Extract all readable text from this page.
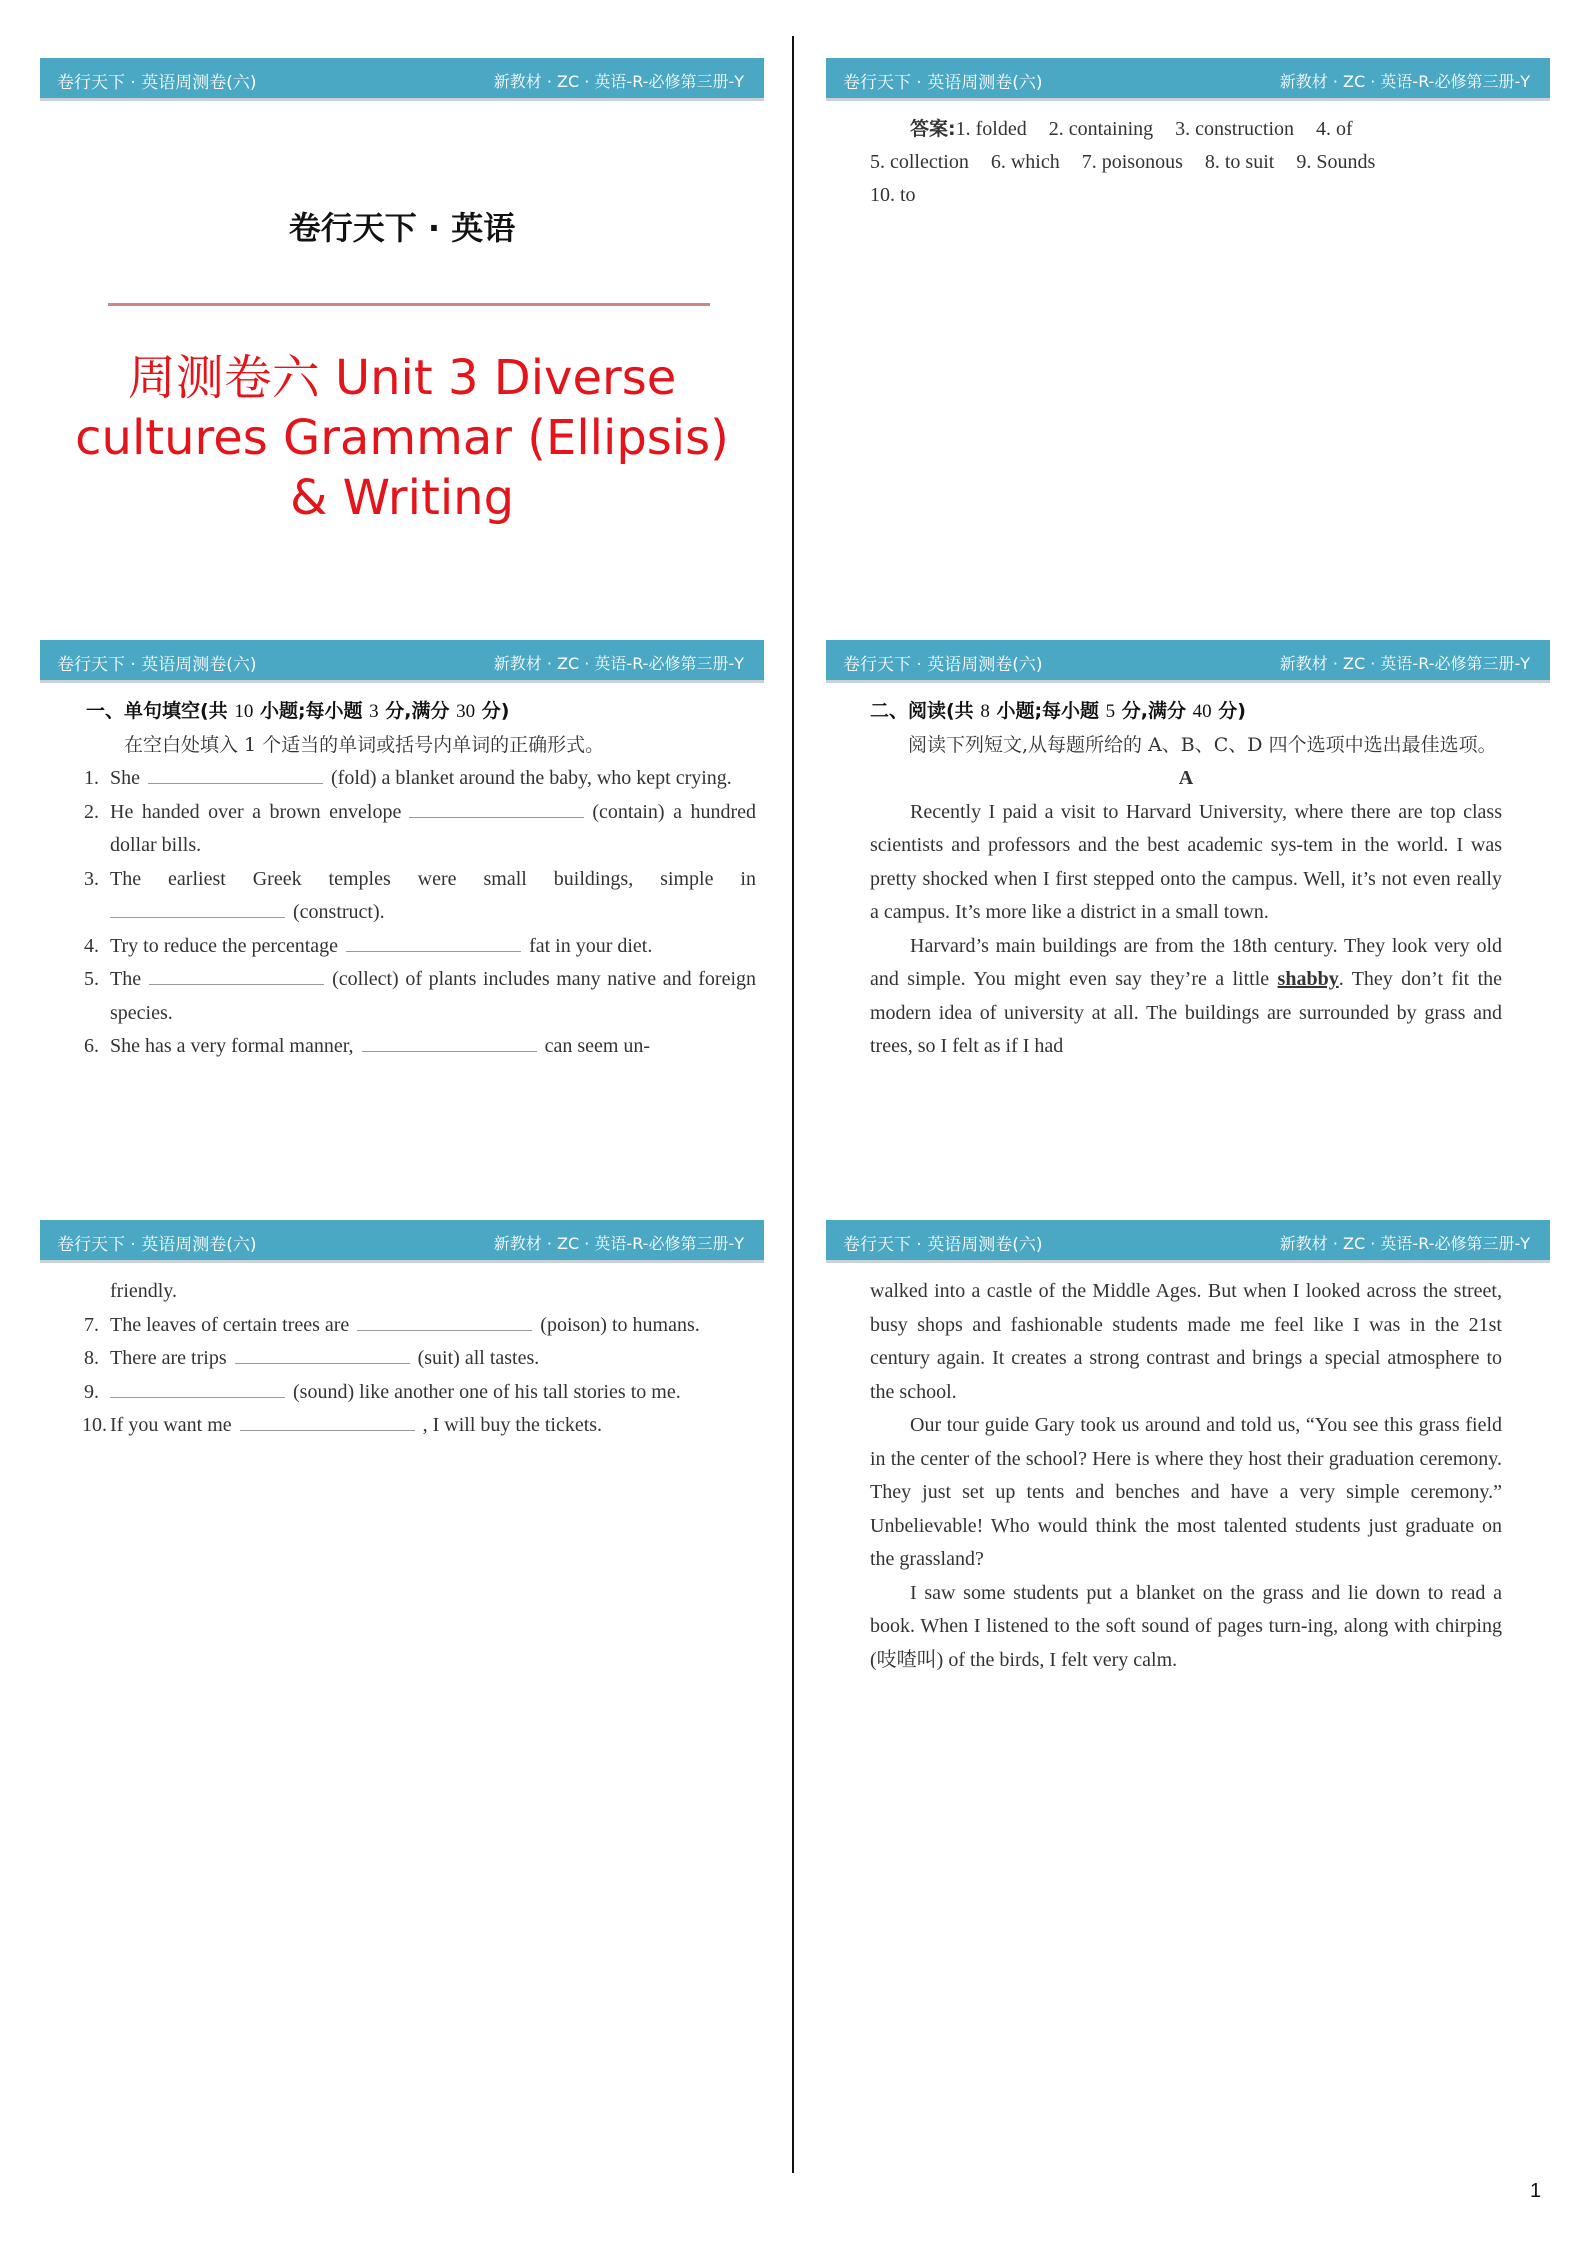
卷行天下 · 英语周测卷(六)	新教材 · ZC · 英语-R-必修第三册-Y
卷行天下 · 英语
周测卷六 Unit 3 Diverse
cultures Grammar (Ellipsis)
& Writing
卷行天下 · 英语周测卷(六)	新教材 · ZC · 英语-R-必修第三册-Y
答案:1. folded 2. containing 3. construction 4. of
5. collection 6. which 7. poisonous 8. to suit 9. Sounds
10. to
卷行天下 · 英语周测卷(六)	新教材 · ZC · 英语-R-必修第三册-Y
一、单句填空(共 10 小题;每小题 3 分,满分 30 分)
在空白处填入 1 个适当的单词或括号内单词的正确形式。
1. She	(fold) a blanket around the baby, who kept crying.
2. He handed over a brown envelope	(contain) a hundred dollar bills.
3. The earliest Greek temples were small buildings, simple in (construct).
4. Try to reduce the percentage	fat in your diet.
5. The	(collect) of plants includes many native and foreign species.
6. She has a very formal manner,	can seem un-
卷行天下 · 英语周测卷(六)	新教材 · ZC · 英语-R-必修第三册-Y
二、阅读(共 8 小题;每小题 5 分,满分 40 分)
阅读下列短文,从每题所给的 A、B、C、D 四个选项中选出最佳选项。
A
Recently I paid a visit to Harvard University, where there are top class scientists and professors and the best academic sys-tem in the world. I was pretty shocked when I first stepped onto the campus. Well, it’s not even really a campus. It’s more like a district in a small town.
Harvard’s main buildings are from the 18th century. They look very old and simple. You might even say they’re a little shabby. They don’t fit the modern idea of university at all. The buildings are surrounded by grass and trees, so I felt as if I had
卷行天下 · 英语周测卷(六)	新教材 · ZC · 英语-R-必修第三册-Y
friendly.
7. The leaves of certain trees are	(poison) to humans.
8. There are trips	(suit) all tastes.
9.	(sound) like another one of his tall stories to me.
10. If you want me	, I will buy the tickets.
卷行天下 · 英语周测卷(六)	新教材 · ZC · 英语-R-必修第三册-Y
walked into a castle of the Middle Ages. But when I looked across the street, busy shops and fashionable students made me feel like I was in the 21st century again. It creates a strong contrast and brings a special atmosphere to the school.
Our tour guide Gary took us around and told us, “You see this grass field in the center of the school? Here is where they host their graduation ceremony. They just set up tents and benches and have a very simple ceremony.” Unbelievable! Who would think the most talented students just graduate on the grassland?
I saw some students put a blanket on the grass and lie down to read a book. When I listened to the soft sound of pages turn-ing, along with chirping (吱喳叫) of the birds, I felt very calm.
1
